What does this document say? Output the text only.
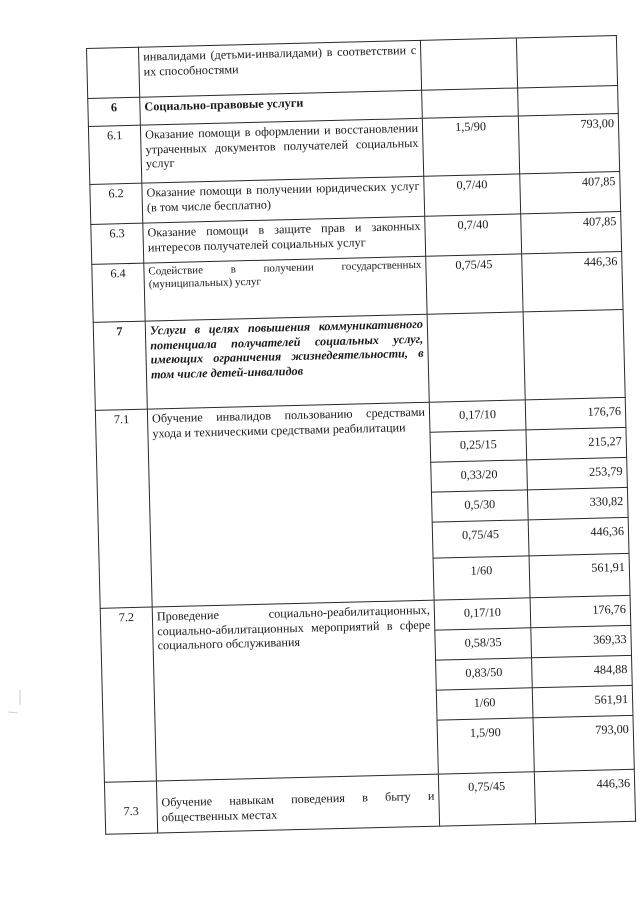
	инвалидами (детьми-инвалидами) в соответствии с их способностями		
6	Социально-правовые услуги		
6.1	Оказание помощи в оформлении и восстановлении утраченных документов получателей социальных услуг	1,5/90	793,00
6.2	Оказание помощи в получении юридических услуг (в том числе бесплатно)	0,7/40	407,85
6.3	Оказание помощи в защите прав и законных интересов получателей социальных услуг	0,7/40	407,85
6.4	Содействие в получении государственных (муниципальных) услуг	0,75/45	446,36
7	Услуги в целях повышения коммуникативного потенциала получателей социальных услуг, имеющих ограничения жизнедеятельности, в том числе детей-инвалидов		
7.1	Обучение инвалидов пользованию средствами ухода и техническими средствами реабилитации	0,17/10	176,76
		0,25/15	215,27
		0,33/20	253,79
		0,5/30	330,82
		0,75/45	446,36
		1/60	561,91
7.2	Проведение социально-реабилитационных, социально-абилитационных мероприятий в сфере социального обслуживания	0,17/10	176,76
		0,58/35	369,33
		0,83/50	484,88
		1/60	561,91
		1,5/90	793,00
7.3	Обучение навыкам поведения в быту и общественных местах	0,75/45	446,36
